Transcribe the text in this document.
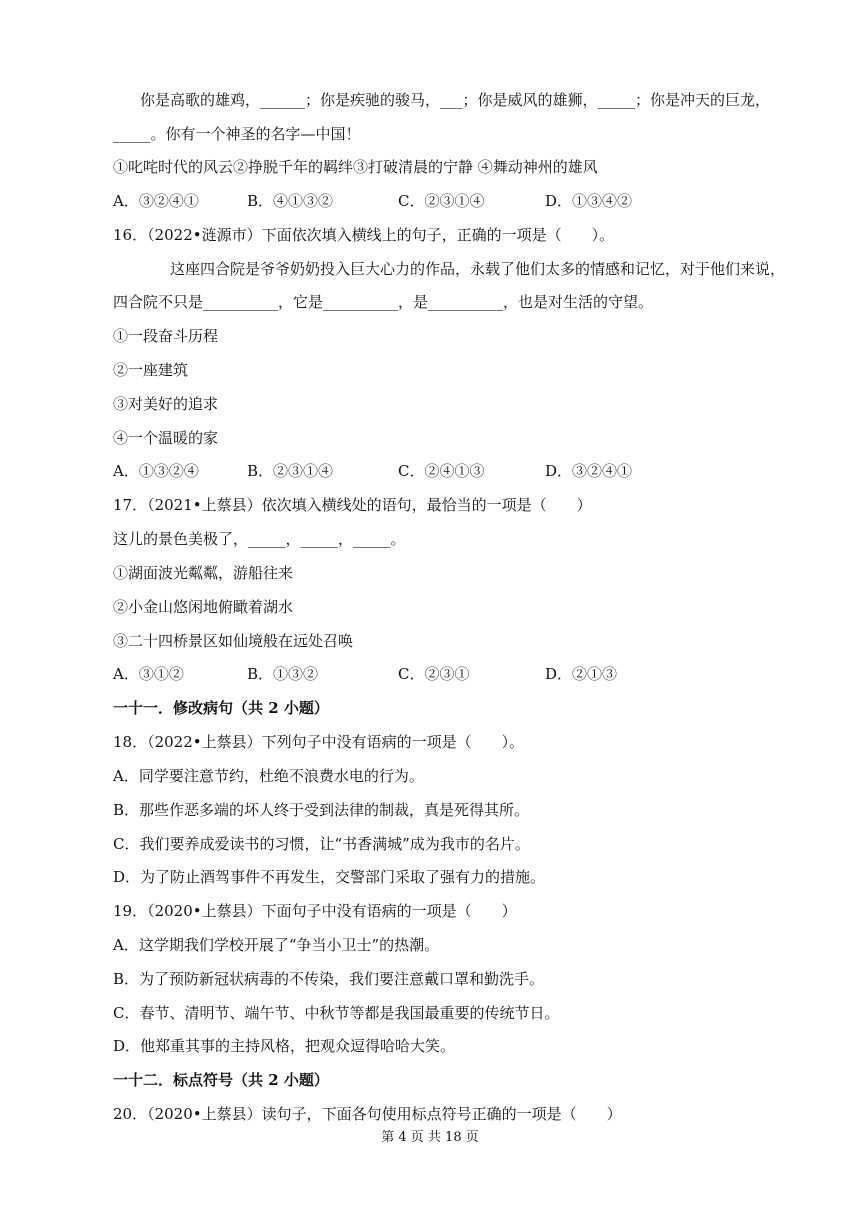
你是高歌的雄鸡，______；你是疾驰的骏马，___；你是威风的雄狮，_____；你是冲天的巨龙，
_____。你有一个神圣的名字—中国！
①叱咤时代的风云②挣脱千年的羁绊③打破清晨的宁静 ④舞动神州的雄风
A．③②④①	B．④①③②	C．②③①④	D．①③④②
16．（2022•涟源市）下面依次填入横线上的句子，正确的一项是（　　）。
这座四合院是爷爷奶奶投入巨大心力的作品，永载了他们太多的情感和记忆，对于他们来说，
四合院不只是__________，它是__________，是__________，也是对生活的守望。
①一段奋斗历程
②一座建筑
③对美好的追求
④一个温暖的家
A．①③②④	B．②③①④	C．②④①③	D．③②④①
17．（2021•上蔡县）依次填入横线处的语句，最恰当的一项是（　　）
这儿的景色美极了，_____，_____，_____。
①湖面波光粼粼，游船往来
②小金山悠闲地俯瞰着湖水
③二十四桥景区如仙境般在远处召唤
A．③①②	B．①③②	C．②③①	D．②①③
一十一．修改病句（共 2 小题）
18．（2022•上蔡县）下列句子中没有语病的一项是（　　）。
A．同学要注意节约，杜绝不浪费水电的行为。
B．那些作恶多端的坏人终于受到法律的制裁，真是死得其所。
C．我们要养成爱读书的习惯，让“书香满城”成为我市的名片。
D．为了防止酒驾事件不再发生，交警部门采取了强有力的措施。
19．（2020•上蔡县）下面句子中没有语病的一项是（　　）
A．这学期我们学校开展了“争当小卫士”的热潮。
B．为了预防新冠状病毒的不传染，我们要注意戴口罩和勤洗手。
C．春节、清明节、端午节、中秋节等都是我国最重要的传统节日。
D．他郑重其事的主持风格，把观众逗得哈哈大笑。
一十二．标点符号（共 2 小题）
20．（2020•上蔡县）读句子，下面各句使用标点符号正确的一项是（　　）
第 4 页 共 18 页
